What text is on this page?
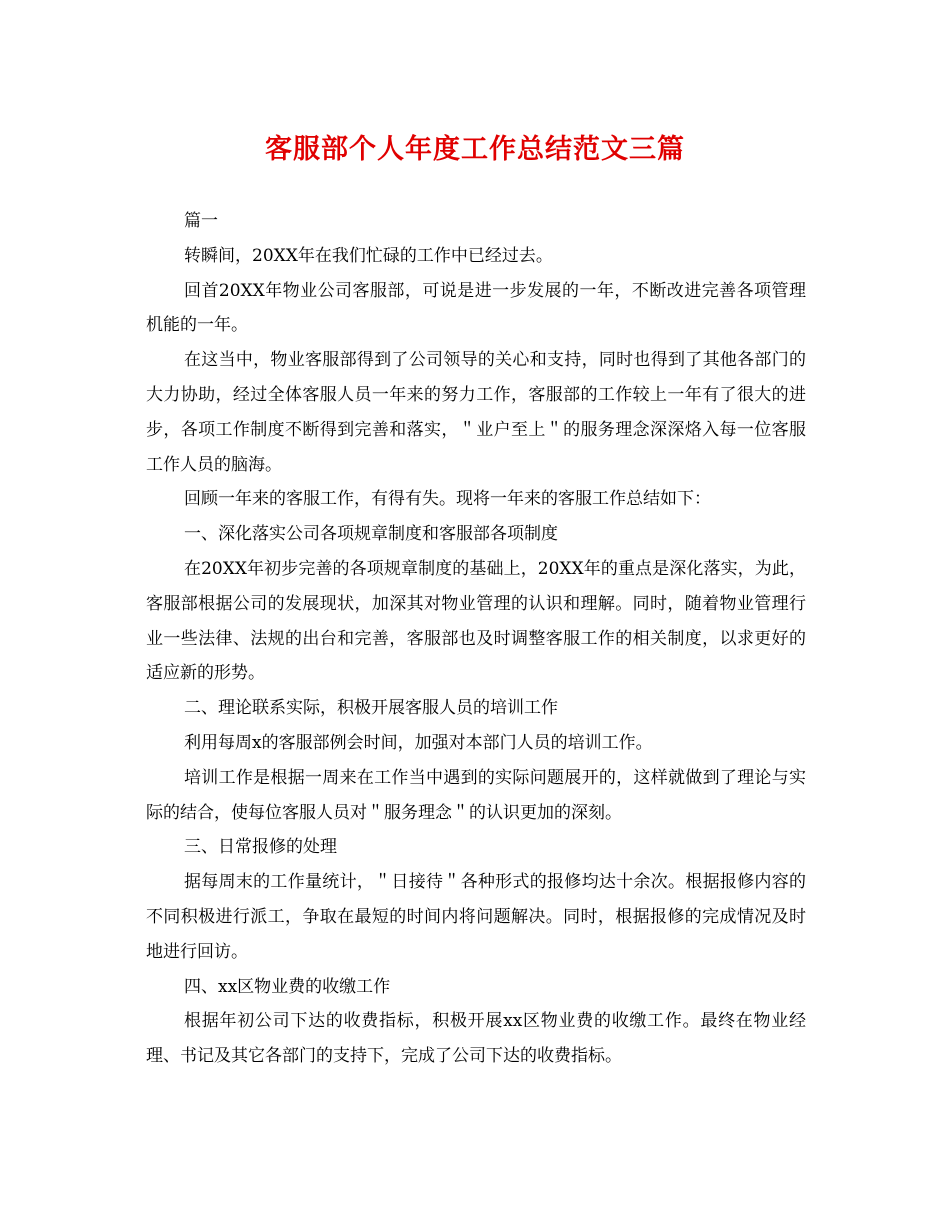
客服部个人年度工作总结范文三篇

篇一

转瞬间，20XX年在我们忙碌的工作中已经过去。

回首20XX年物业公司客服部，可说是进一步发展的一年，不断改进完善各项管理机能的一年。

在这当中，物业客服部得到了公司领导的关心和支持，同时也得到了其他各部门的大力协助，经过全体客服人员一年来的努力工作，客服部的工作较上一年有了很大的进步，各项工作制度不断得到完善和落实，＂业户至上＂的服务理念深深烙入每一位客服工作人员的脑海。

回顾一年来的客服工作，有得有失。现将一年来的客服工作总结如下：

一、深化落实公司各项规章制度和客服部各项制度

在20XX年初步完善的各项规章制度的基础上，20XX年的重点是深化落实，为此，客服部根据公司的发展现状，加深其对物业管理的认识和理解。同时，随着物业管理行业一些法律、法规的出台和完善，客服部也及时调整客服工作的相关制度，以求更好的适应新的形势。

二、理论联系实际，积极开展客服人员的培训工作

利用每周x的客服部例会时间，加强对本部门人员的培训工作。

培训工作是根据一周来在工作当中遇到的实际问题展开的，这样就做到了理论与实际的结合，使每位客服人员对＂服务理念＂的认识更加的深刻。

三、日常报修的处理

据每周末的工作量统计，＂日接待＂各种形式的报修均达十余次。根据报修内容的不同积极进行派工，争取在最短的时间内将问题解决。同时，根据报修的完成情况及时地进行回访。

四、xx区物业费的收缴工作

根据年初公司下达的收费指标，积极开展xx区物业费的收缴工作。最终在物业经理、书记及其它各部门的支持下，完成了公司下达的收费指标。
